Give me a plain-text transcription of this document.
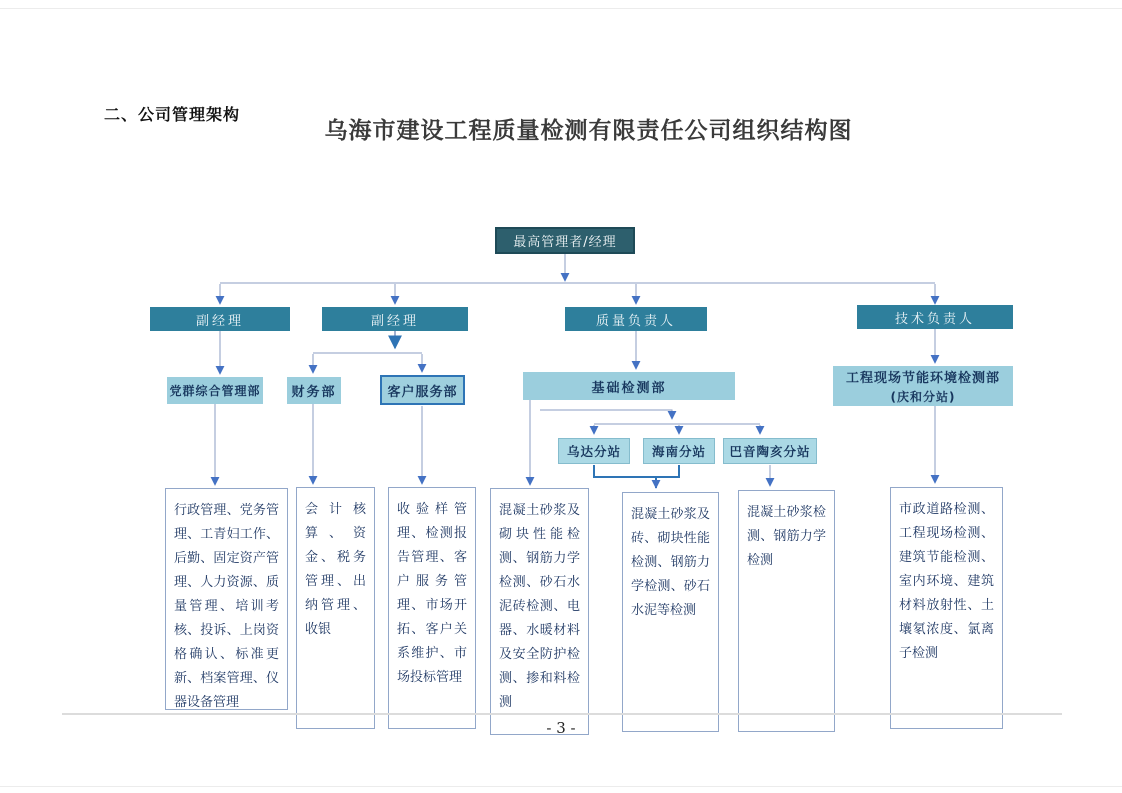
二、公司管理架构
乌海市建设工程质量检测有限责任公司组织结构图
最高管理者/经理
副经理	副经理	质量负责人	技术负责人
党群综合管理部 财务部	客户服务部	基础检测部
工程现场节能环境检测部
(庆和分站)
乌达分站 海南分站 巴音陶亥分站
行政管理、党务管理、工青妇工作、后勤、固定资产管理、人力资源、质量管理、培训考核、投诉、上岗资格确认、标准更新、档案管理、仪器设备管理
会计核算、资金、税务管理、出纳管理、收银
收验样管理、检测报告管理、客户服务管理、市场开拓、客户关系维护、市场投标管理
混凝土砂浆及砌块性能检测、钢筋力学检测、砂石水泥砖检测、电器、水暖材料及安全防护检测、掺和料检测
混凝土砂浆及砖、砌块性能检测、钢筋力学检测、砂石水泥等检测
混凝土砂浆检测、钢筋力学检测
市政道路检测、工程现场检测、建筑节能检测、室内环境、建筑材料放射性、土壤氡浓度、氯离子检测
- 3 -
